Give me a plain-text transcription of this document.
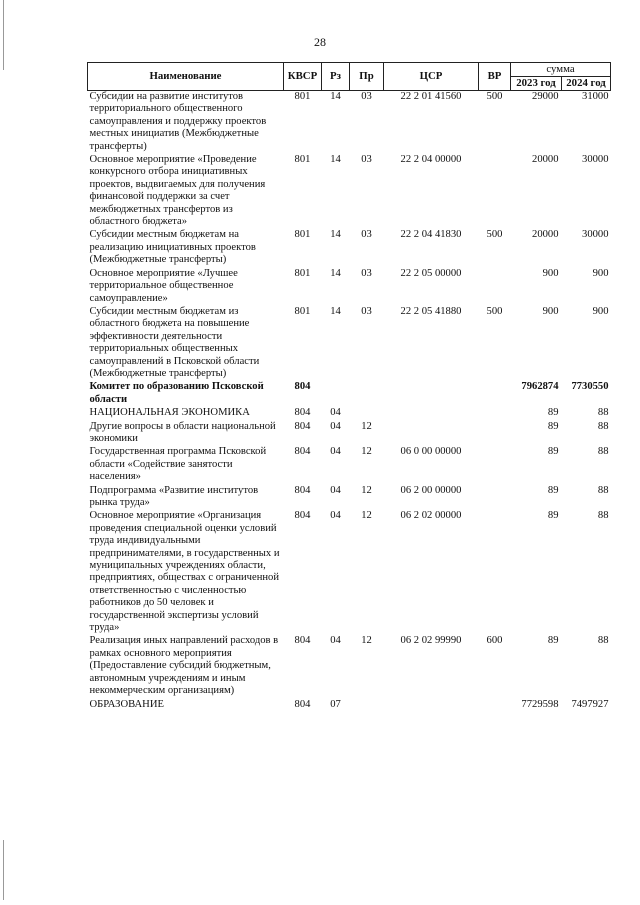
28
Наименование	КВСР	Рз	Пр	ЦСР	ВР	сумма	
						2023 год	2024 год
Субсидии на развитие институтов территориального общественного самоуправления и поддержку проектов местных инициатив (Межбюджетные трансферты)	801	14	03	22 2 01 41560	500	29000	31000
Основное мероприятие «Проведение конкурсного отбора инициативных проектов, выдвигаемых для получения финансовой поддержки за счет межбюджетных трансфертов из областного бюджета»	801	14	03	22 2 04 00000		20000	30000
Субсидии местным бюджетам на реализацию инициативных проектов (Межбюджетные трансферты)	801	14	03	22 2 04 41830	500	20000	30000
Основное мероприятие «Лучшее территориальное общественное самоуправление»	801	14	03	22 2 05 00000		900	900
Субсидии местным бюджетам из областного бюджета на повышение эффективности деятельности территориальных общественных самоуправлений в Псковской области (Межбюджетные трансферты)	801	14	03	22 2 05 41880	500	900	900
Комитет по образованию Псковской области	804					7962874	7730550
НАЦИОНАЛЬНАЯ ЭКОНОМИКА	804	04				89	88
Другие вопросы в области национальной экономики	804	04	12			89	88
Государственная программа Псковской области «Содействие занятости населения»	804	04	12	06 0 00 00000		89	88
Подпрограмма «Развитие институтов рынка труда»	804	04	12	06 2 00 00000		89	88
Основное мероприятие «Организация проведения специальной оценки условий труда индивидуальными предпринимателями, в государственных и муниципальных учреждениях области, предприятиях, обществах с ограниченной ответственностью с численностью работников до 50 человек и государственной экспертизы условий труда»	804	04	12	06 2 02 00000		89	88
Реализация иных направлений расходов в рамках основного мероприятия (Предоставление субсидий бюджетным, автономным учреждениям и иным некоммерческим организациям)	804	04	12	06 2 02 99990	600	89	88
ОБРАЗОВАНИЕ	804	07				7729598	7497927
